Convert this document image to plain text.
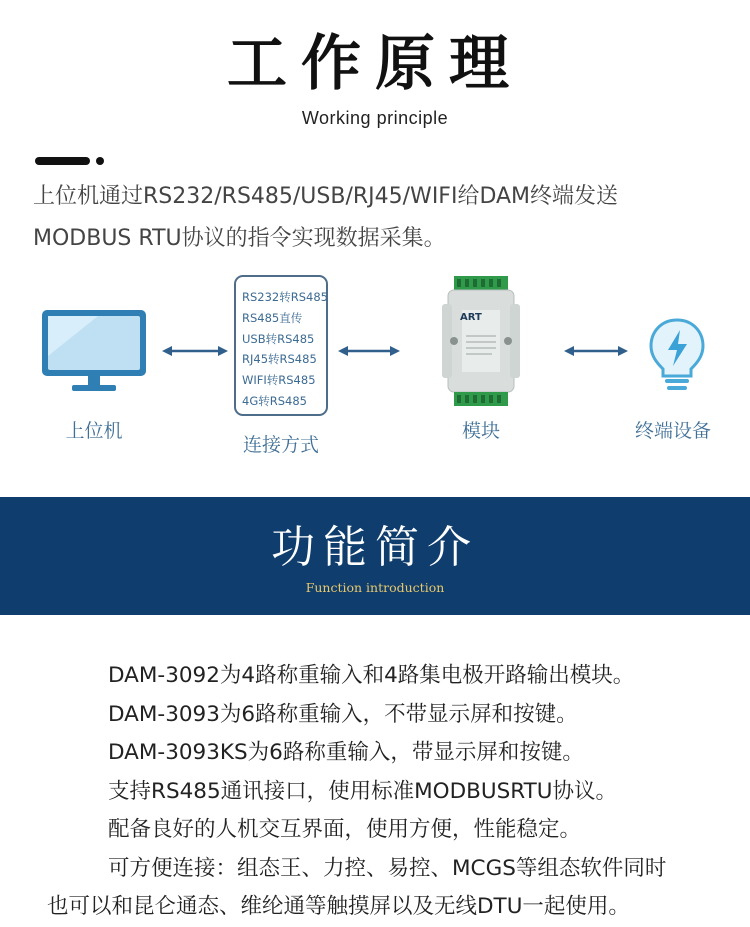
工作原理
Working principle
上位机通过RS232/RS485/USB/RJ45/WIFI给DAM终端发送
MODBUS RTU协议的指令实现数据采集。
上位机
RS232转RS485
RS485直传
USB转RS485
RJ45转RS485
WIFI转RS485
4G转RS485
连接方式
ART
模块	终端设备
功能简介
Function introduction
DAM-3092为4路称重输入和4路集电极开路输出模块。
DAM-3093为6路称重输入，不带显示屏和按键。
DAM-3093KS为6路称重输入，带显示屏和按键。
支持RS485通讯接口，使用标准MODBUSRTU协议。
配备良好的人机交互界面，使用方便，性能稳定。
可方便连接：组态王、力控、易控、MCGS等组态软件同时
也可以和昆仑通态、维纶通等触摸屏以及无线DTU一起使用。
